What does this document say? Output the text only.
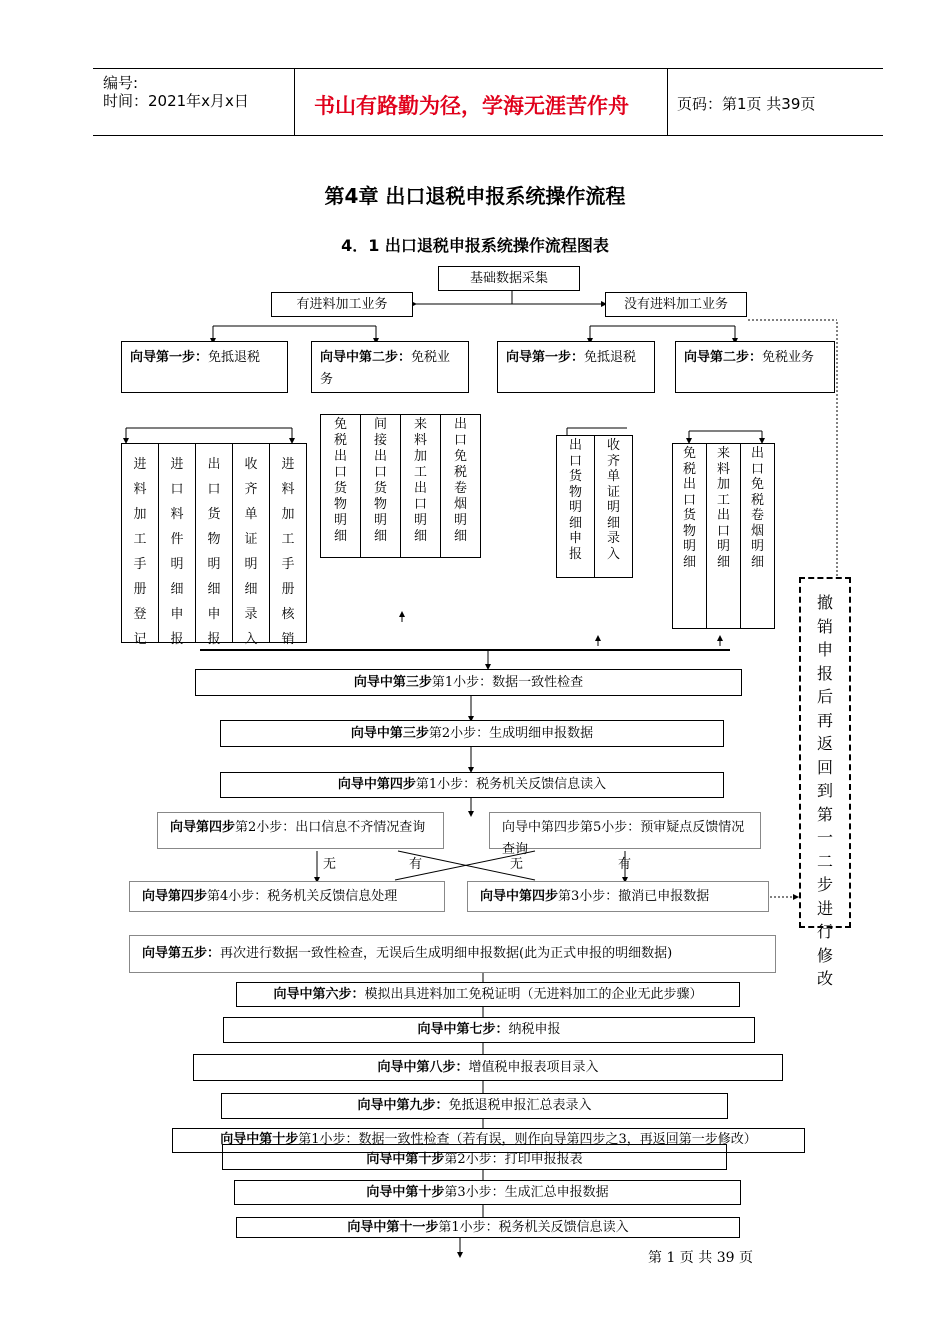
编号:
时间：2021年x月x日	书山有路勤为径，学海无涯苦作舟	页码：第1页 共39页
第4章 出口退税申报系统操作流程
4．1 出口退税申报系统操作流程图表
基础数据采集
有进料加工业务	没有进料加工业务
向导第一步：免抵退税	向导中第二步：免税业务
向导第一步：免抵退税	向导第二步：免税业务
进料加工手册登记
进口料件明细申报
出口货物明细申报
收齐单证明细录入
进料加工手册核销
免税出口货物明细
间接出口货物明细
来料加工出口明细
出口免税卷烟明细
出口货物明细申报
收齐单证明细录入
免税出口货物明细
来料加工出口明细
出口免税卷烟明细
撤销申报后再返回到第一二步进行修改
向导中第三步第1小步：数据一致性检查
向导中第三步第2小步：生成明细申报数据
向导中第四步第1小步：税务机关反馈信息读入
向导第四步第2小步：出口信息不齐情况查询	向导中第四步第5小步：预审疑点反馈情况查询
无	有	无	有
向导第四步第4小步：税务机关反馈信息处理	向导中第四步第3小步：撤消已申报数据
向导第五步：再次进行数据一致性检查，无误后生成明细申报数据(此为正式申报的明细数据)
向导中第六步：模拟出具进料加工免税证明（无进料加工的企业无此步骤）
向导中第七步：纳税申报
向导中第八步：增值税申报表项目录入
向导中第九步：免抵退税申报汇总表录入
向导中第十步第2小步：打印申报报表
向导中第十步第1小步：数据一致性检查（若有误，则作向导第四步之3，再返回第一步修改）
向导中第十步第3小步：生成汇总申报数据
向导中第十一步第1小步：税务机关反馈信息读入
第 1 页 共 39 页
